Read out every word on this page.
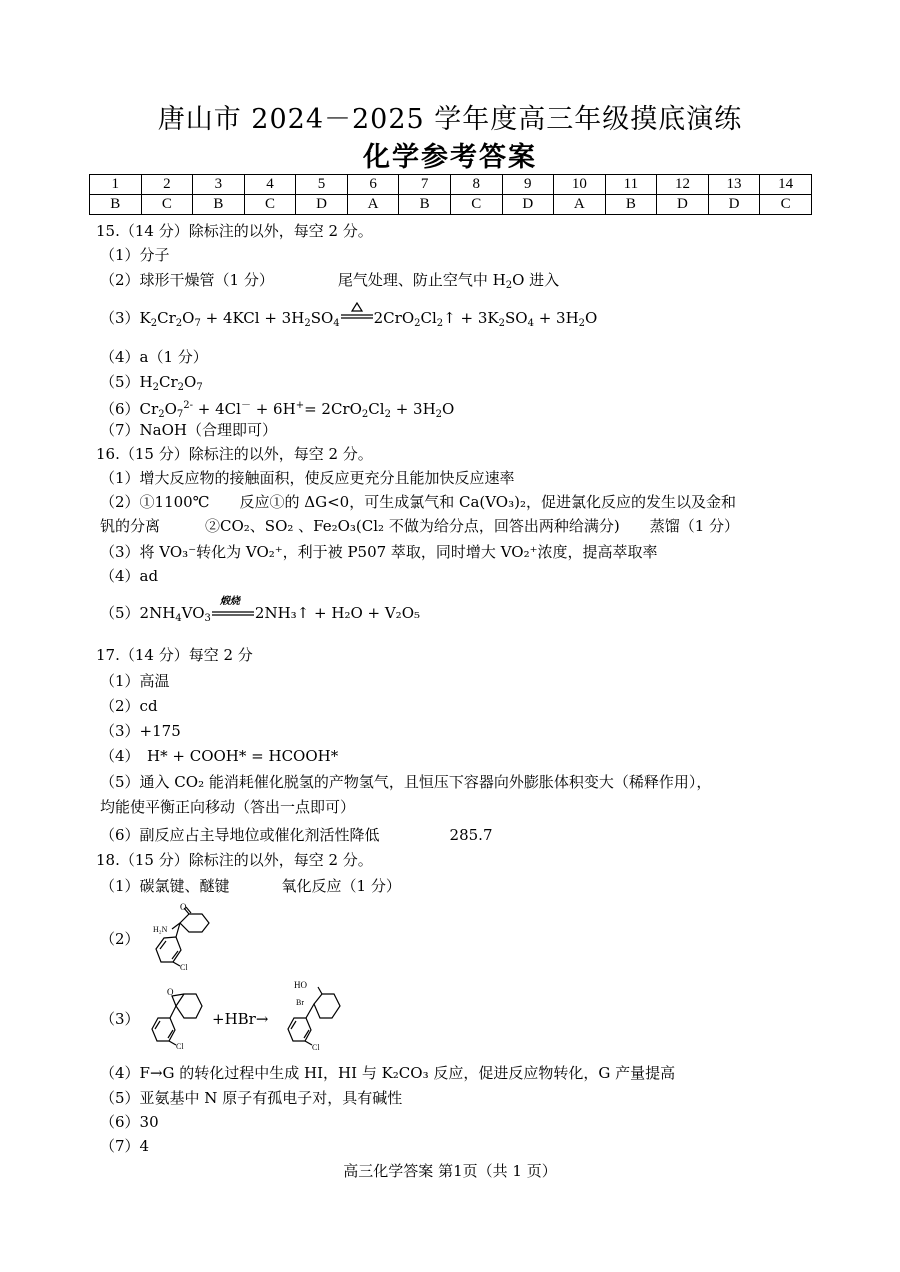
唐山市 2024－2025 学年度高三年级摸底演练
化学参考答案
1	2	3	4	5	6	7	8	9	10	11	12	13	14
B	C	B	C	D	A	B	C	D	A	B	D	D	C
15.（14 分）除标注的以外，每空 2 分。
（1）分子
（2）球形干燥管（1 分）	尾气处理、防止空气中 $H_2O$ 进入
$(3)K_2Cr_2O_7 + 4KCl + 3H_2SO_4$ $2CrO_2Cl_2↑ + 3K_2SO_4 + 3H_2O$
（4）a（1 分）
$(5)H_2Cr_2O_7$
$(6)Cr_2O_7^{2-} + 4Cl^- + 6H^+= 2CrO_2Cl_2 + 3H_2O$
（7）NaOH（合理即可）
16.（15 分）除标注的以外，每空 2 分。
（1）增大反应物的接触面积，使反应更充分且能加快反应速率
（2）①1100℃　　反应①的 ΔG<0，可生成氯气和 Ca(VO₃)₂，促进氯化反应的发生以及金和
钒的分离　　　②CO₂、SO₂ 、Fe₂O₃(Cl₂ 不做为给分点，回答出两种给满分)　　蒸馏（1 分）
（3）将 VO₃⁻转化为 VO₂⁺，利于被 P507 萃取，同时增大 VO₂⁺浓度，提高萃取率
（4）ad
$(5)2NH_4VO_3$
煅烧
2NH₃↑ + H₂O + V₂O₅
17.（14 分）每空 2 分
（1）高温
（2）cd
（3）+175
（4）　H* + COOH* = HCOOH*
（5）通入 CO₂ 能消耗催化脱氢的产物氢气，且恒压下容器向外膨胀体积变大（稀释作用），
均能使平衡正向移动（答出一点即可）
（6）副反应占主导地位或催化剂活性降低	285.7
18.（15 分）除标注的以外，每空 2 分。
（1）碳氯键、醚键	氧化反应（1 分）
（2）
O
H₂N
Cl
（3）
O
Cl
+HBr→
HO
Br
Cl
（4）F→G 的转化过程中生成 HI，HI 与 K₂CO₃ 反应，促进反应物转化，G 产量提高
（5）亚氨基中 N 原子有孤电子对，具有碱性
（6）30
（7）4
高三化学答案 第1页（共 1 页）
